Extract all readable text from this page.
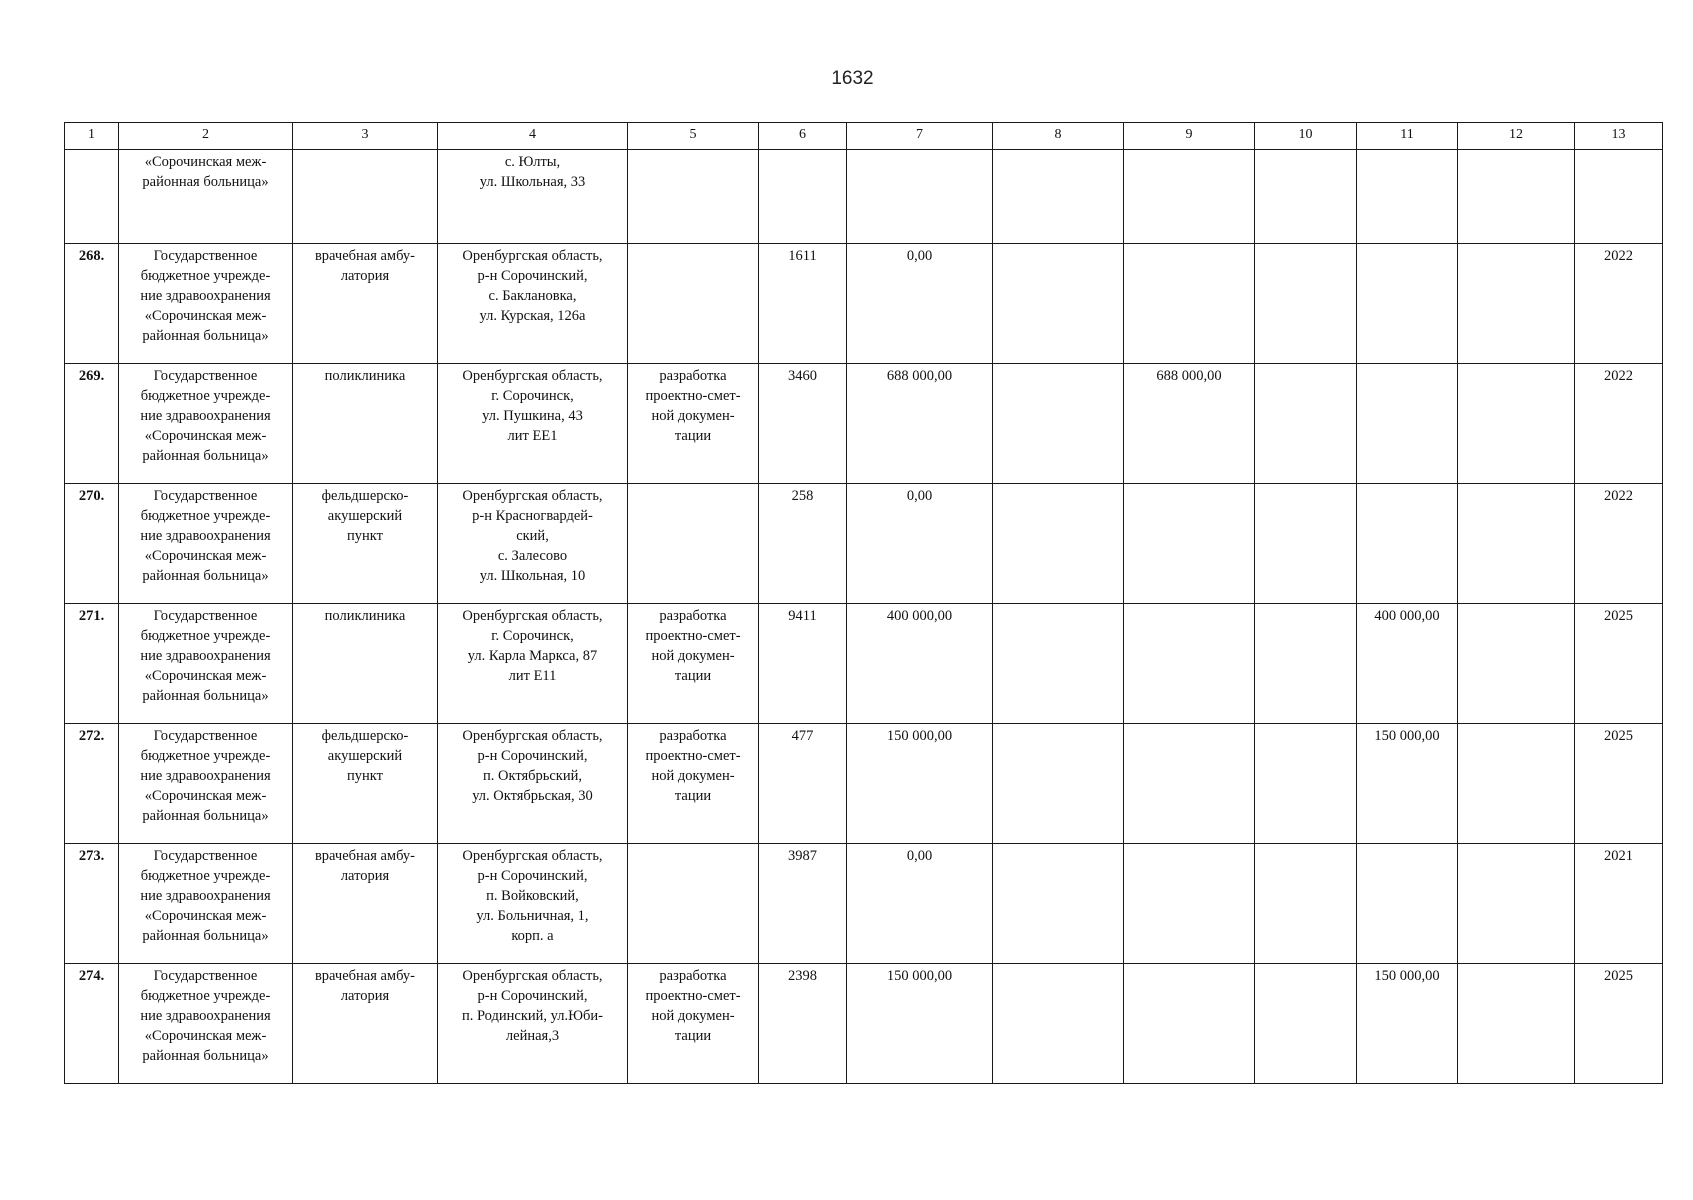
1632
1	2	3	4	5	6	7	8	9	10	11	12	13
	«Сорочинская меж-
районная больница»		с. Юлты,
ул. Школьная, 33									
268.	Государственное
бюджетное учрежде-
ние здравоохранения
«Сорочинская меж-
районная больница»	врачебная амбу-
латория	Оренбургская область,
р-н Сорочинский,
с. Баклановка,
ул. Курская, 126а		1611	0,00						2022
269.	Государственное
бюджетное учрежде-
ние здравоохранения
«Сорочинская меж-
районная больница»	поликлиника	Оренбургская область,
г. Сорочинск,
ул. Пушкина, 43
лит ЕЕ1	разработка
проектно-смет-
ной докумен-
тации	3460	688 000,00		688 000,00				2022
270.	Государственное
бюджетное учрежде-
ние здравоохранения
«Сорочинская меж-
районная больница»	фельдшерско-
акушерский
пункт	Оренбургская область,
р-н Красногвардей-
ский,
с. Залесово
ул. Школьная, 10		258	0,00						2022
271.	Государственное
бюджетное учрежде-
ние здравоохранения
«Сорочинская меж-
районная больница»	поликлиника	Оренбургская область,
г. Сорочинск,
ул. Карла Маркса, 87
лит Е11	разработка
проектно-смет-
ной докумен-
тации	9411	400 000,00				400 000,00		2025
272.	Государственное
бюджетное учрежде-
ние здравоохранения
«Сорочинская меж-
районная больница»	фельдшерско-
акушерский
пункт	Оренбургская область,
р-н Сорочинский,
п. Октябрьский,
ул. Октябрьская, 30	разработка
проектно-смет-
ной докумен-
тации	477	150 000,00				150 000,00		2025
273.	Государственное
бюджетное учрежде-
ние здравоохранения
«Сорочинская меж-
районная больница»	врачебная амбу-
латория	Оренбургская область,
р-н Сорочинский,
п. Войковский,
ул. Больничная, 1,
корп. а		3987	0,00						2021
274.	Государственное
бюджетное учрежде-
ние здравоохранения
«Сорочинская меж-
районная больница»	врачебная амбу-
латория	Оренбургская область,
р-н Сорочинский,
п. Родинский, ул.Юби-
лейная,3	разработка
проектно-смет-
ной докумен-
тации	2398	150 000,00				150 000,00		2025
